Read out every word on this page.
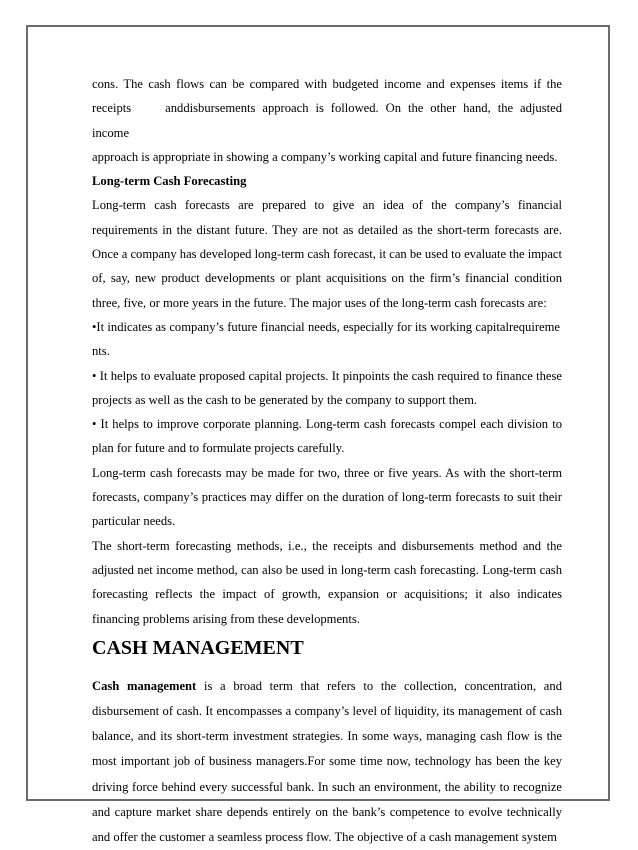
cons. The cash flows can be compared with budgeted income and expenses items if the

receipts	anddisbursements approach is followed. On the other hand, the adjusted income

approach is appropriate in showing a company’s working capital and future financing needs.

Long-term Cash Forecasting

Long-term cash forecasts are prepared to give an idea of the company’s financial requirements in the distant future. They are not as detailed as the short-term forecasts are. Once a company has developed long-term cash forecast, it can be used to evaluate the impact of, say, new product developments or plant acquisitions on the firm’s financial condition three, five, or more years in the future. The major uses of the long-term cash forecasts are:

•It indicates as company’s future financial needs, especially for its working capitalrequireme nts.

• It helps to evaluate proposed capital projects. It pinpoints the cash required to finance these projects as well as the cash to be generated by the company to support them.

• It helps to improve corporate planning. Long-term cash forecasts compel each division to plan for future and to formulate projects carefully.

Long-term cash forecasts may be made for two, three or five years. As with the short-term forecasts, company’s practices may differ on the duration of long-term forecasts to suit their particular needs.

The short-term forecasting methods, i.e., the receipts and disbursements method and the adjusted net income method, can also be used in long-term cash forecasting. Long-term cash forecasting reflects the impact of growth, expansion or acquisitions; it also indicates financing problems arising from these developments.

CASH MANAGEMENT

Cash management is a broad term that refers to the collection, concentration, and disbursement of cash. It encompasses a company’s level of liquidity, its management of cash balance, and its short-term investment strategies. In some ways, managing cash flow is the most important job of business managers.For some time now, technology has been the key driving force behind every successful bank. In such an environment, the ability to recognize and capture market share depends entirely on the bank’s competence to evolve technically and offer the customer a seamless process flow. The objective of a cash management system
